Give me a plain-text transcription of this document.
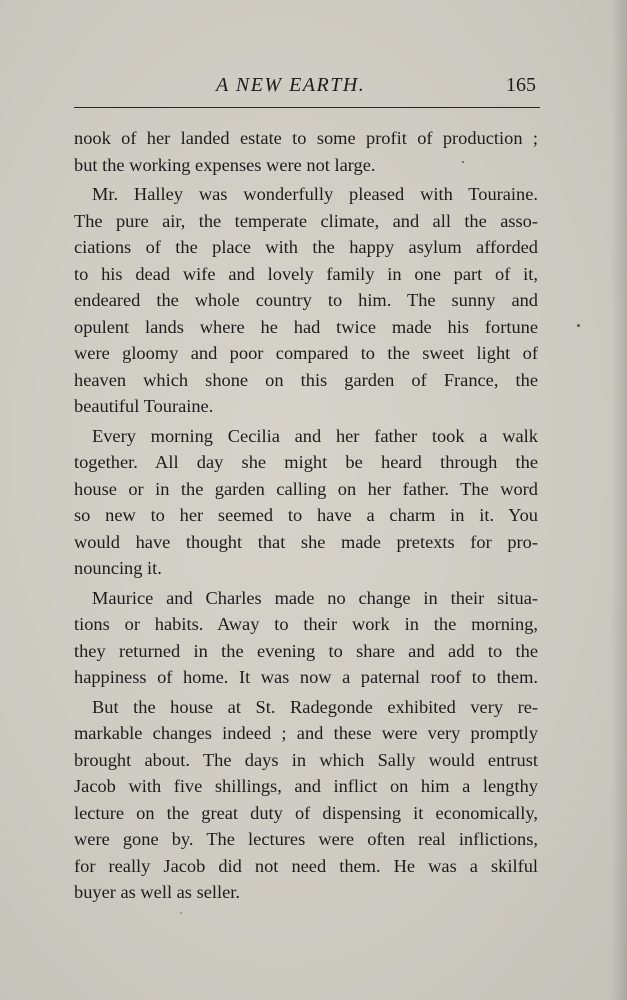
A NEW EARTH.	165
nook of her landed estate to some profit of production ;
but the working expenses were not large.
Mr. Halley was wonderfully pleased with Touraine.
The pure air, the temperate climate, and all the asso-
ciations of the place with the happy asylum afforded
to his dead wife and lovely family in one part of it,
endeared the whole country to him. The sunny and
opulent lands where he had twice made his fortune
were gloomy and poor compared to the sweet light of
heaven which shone on this garden of France, the
beautiful Touraine.
Every morning Cecilia and her father took a walk
together. All day she might be heard through the
house or in the garden calling on her father. The word
so new to her seemed to have a charm in it. You
would have thought that she made pretexts for pro-
nouncing it.
Maurice and Charles made no change in their situa-
tions or habits. Away to their work in the morning,
they returned in the evening to share and add to the
happiness of home. It was now a paternal roof to them.
But the house at St. Radegonde exhibited very re-
markable changes indeed ; and these were very promptly
brought about. The days in which Sally would entrust
Jacob with five shillings, and inflict on him a lengthy
lecture on the great duty of dispensing it economically,
were gone by. The lectures were often real inflictions,
for really Jacob did not need them. He was a skilful
buyer as well as seller.
